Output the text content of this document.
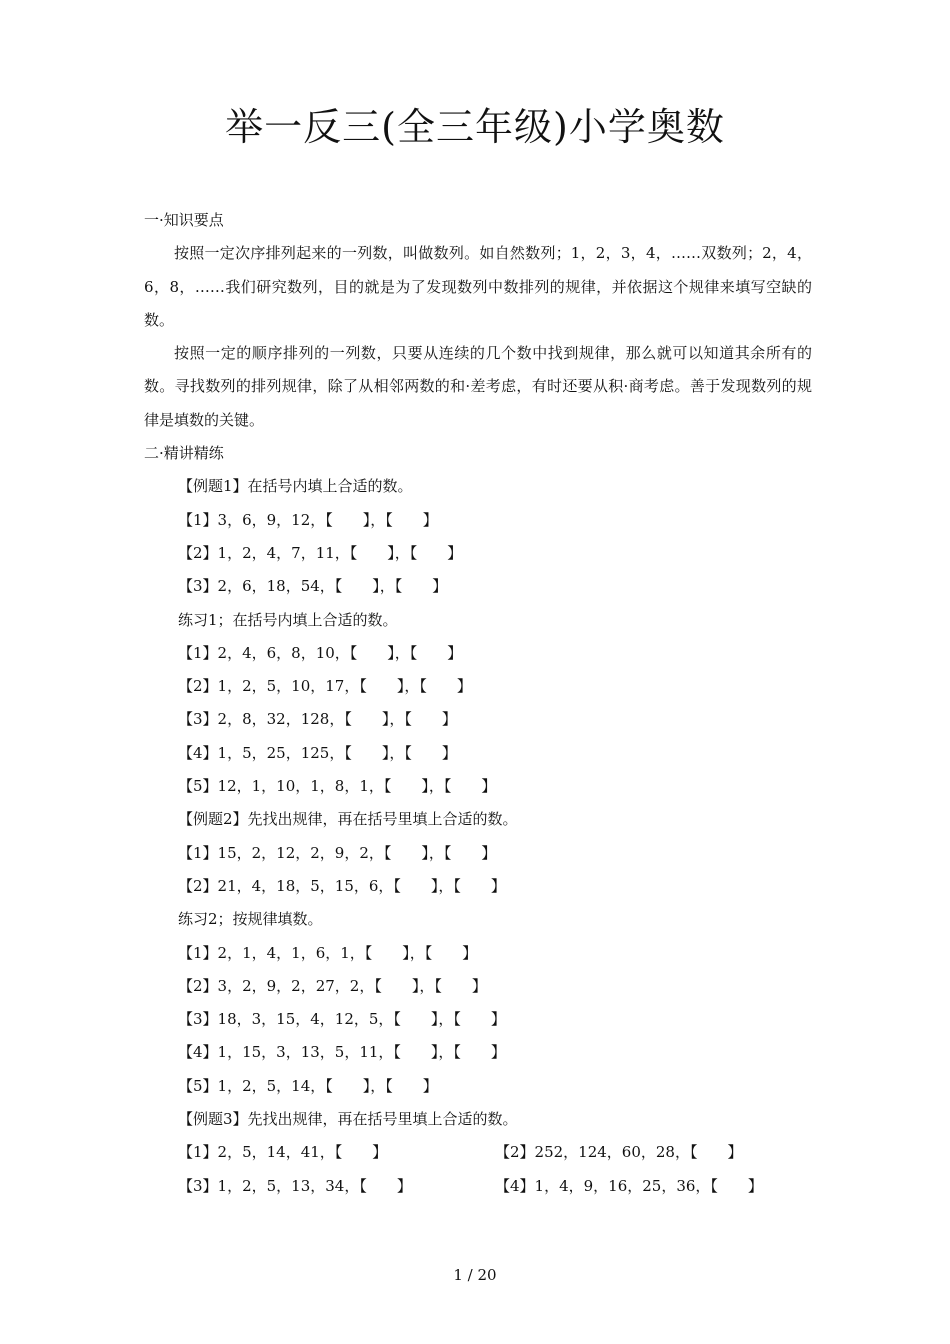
举一反三(全三年级)小学奥数
一·知识要点

按照一定次序排列起来的一列数，叫做数列。如自然数列；1，2，3，4，……双数列；2，4，6，8，……我们研究数列，目的就是为了发现数列中数排列的规律，并依据这个规律来填写空缺的数。

按照一定的顺序排列的一列数，只要从连续的几个数中找到规律，那么就可以知道其余所有的数。寻找数列的排列规律，除了从相邻两数的和·差考虑，有时还要从积·商考虑。善于发现数列的规律是填数的关键。

二·精讲精练
【例题1】在括号内填上合适的数。
【1】3，6，9，12，【　　】，【　　】
【2】1，2，4，7，11，【　　】，【　　】
【3】2，6，18，54，【　　】，【　　】
练习1；在括号内填上合适的数。
【1】2，4，6，8，10，【　　】，【　　】
【2】1，2，5，10，17，【　　】，【　　】
【3】2，8，32，128，【　　】，【　　】
【4】1，5，25，125，【　　】，【　　】
【5】12，1，10，1，8，1，【　　】，【　　】
【例题2】先找出规律，再在括号里填上合适的数。
【1】15，2，12，2，9，2，【　　】，【　　】
【2】21，4，18，5，15，6，【　　】，【　　】
练习2；按规律填数。
【1】2，1，4，1，6，1，【　　】，【　　】
【2】3，2，9，2，27，2，【　　】，【　　】
【3】18，3，15，4，12，5，【　　】，【　　】
【4】1，15，3，13，5，11，【　　】，【　　】
【5】1，2，5，14，【　　】，【　　】
【例题3】先找出规律，再在括号里填上合适的数。
【1】2，5，14，41，【　　】	【2】252，124，60，28，【　　】
【3】1，2，5，13，34，【　　】	【4】1，4，9，16，25，36，【　　】
1 / 20
